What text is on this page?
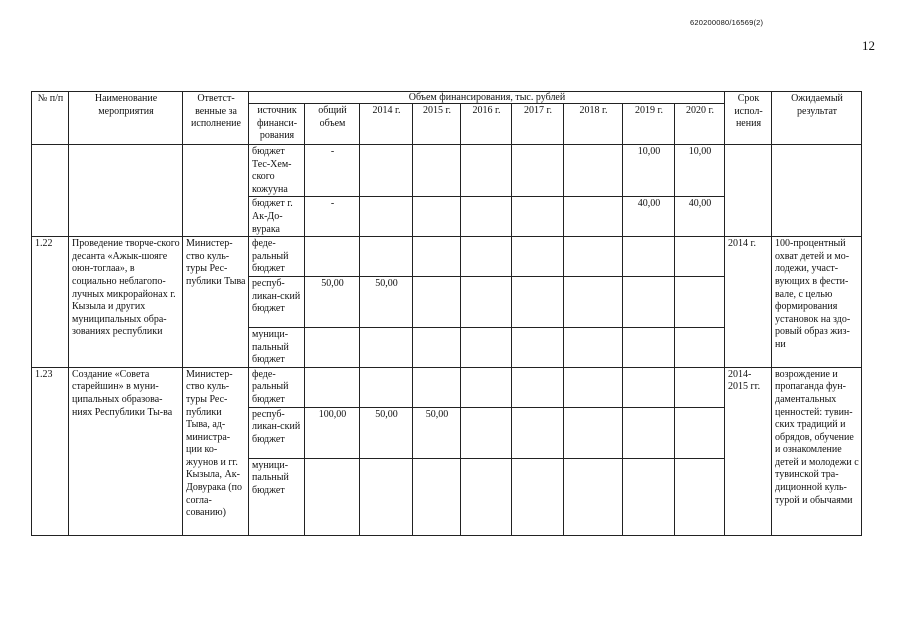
620200080/16569(2)
12
№ п/п	Наименование мероприятия	Ответст-венные за исполнение	Объем финансирования, тыс. рублей									Срок испол-нения	Ожидаемый результат
			источник финанси-рования	общий объем	2014 г.	2015 г.	2016 г.	2017 г.	2018 г.	2019 г.	2020 г.		
			бюджет Тес-Хем-ского кожууна	-						10,00	10,00		
			бюджет г. Ак-До-вурака	-						40,00	40,00		
1.22	Проведение творче-ского десанта «Ажык-шоягe оюн-тоглаа», в социально неблагопо-лучных микрорайонах г. Кызыла и других муниципальных обра-зованиях республики	Министер-ство куль-туры Рес-публики Тыва	феде-ральный бюджет									2014 г.	100-процентный охват детей и мо-лодежи, участ-вующих в фести-вале, с целью формирования установок на здо-ровый образ жиз-ни
			респуб-ликан-ский бюджет	50,00	50,00								
			муници-пальный бюджет										
1.23	Создание «Совета старейшин» в муни-ципальных образова-ниях Республики Ты-ва	Министер-ство куль-туры Рес-публики Тыва, ад-министра-ции ко-жуунов и гг. Кызыла, Ак-Довурака (по согла-сованию)	феде-ральный бюджет									2014-2015 гг.	возрождение и пропаганда фун-даментальных ценностей: тувин-ских традиций и обрядов, обучение и ознакомление детей и молодежи с тувинской тра-диционной куль-турой и обычаями
			респуб-ликан-ский бюджет	100,00	50,00	50,00							
			муници-пальный бюджет										
